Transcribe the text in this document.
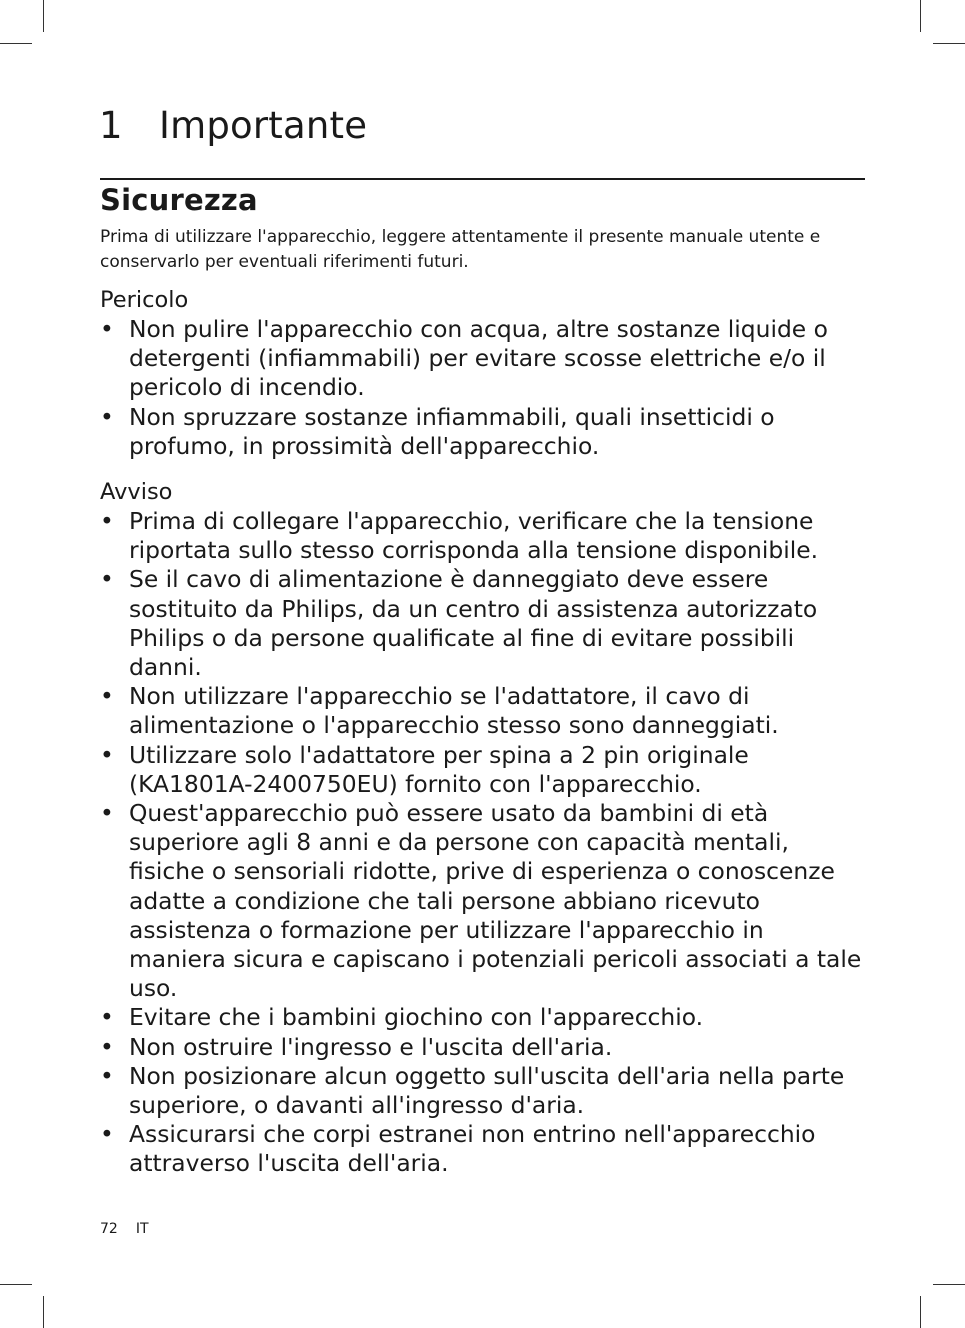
1 Importante
Sicurezza

Prima di utilizzare l'apparecchio, leggere attentamente il presente manuale utente e conservarlo per eventuali riferimenti futuri.

Pericolo
• Non pulire l'apparecchio con acqua, altre sostanze liquide o detergenti (infiammabili) per evitare scosse elettriche e/o il pericolo di incendio.
• Non spruzzare sostanze infiammabili, quali insetticidi o profumo, in prossimità dell'apparecchio.
Avviso
• Prima di collegare l'apparecchio, verificare che la tensione riportata sullo stesso corrisponda alla tensione disponibile.
• Se il cavo di alimentazione è danneggiato deve essere sostituito da Philips, da un centro di assistenza autorizzato Philips o da persone qualificate al fine di evitare possibili danni.
• Non utilizzare l'apparecchio se l'adattatore, il cavo di alimentazione o l'apparecchio stesso sono danneggiati.
• Utilizzare solo l'adattatore per spina a 2 pin originale (KA1801A-2400750EU) fornito con l'apparecchio.
• Quest'apparecchio può essere usato da bambini di età superiore agli 8 anni e da persone con capacità mentali, fisiche o sensoriali ridotte, prive di esperienza o conoscenze adatte a condizione che tali persone abbiano ricevuto assistenza o formazione per utilizzare l'apparecchio in maniera sicura e capiscano i potenziali pericoli associati a tale uso.
• Evitare che i bambini giochino con l'apparecchio.
• Non ostruire l'ingresso e l'uscita dell'aria.
• Non posizionare alcun oggetto sull'uscita dell'aria nella parte superiore, o davanti all'ingresso d'aria.
• Assicurarsi che corpi estranei non entrino nell'apparecchio attraverso l'uscita dell'aria.
72 IT
